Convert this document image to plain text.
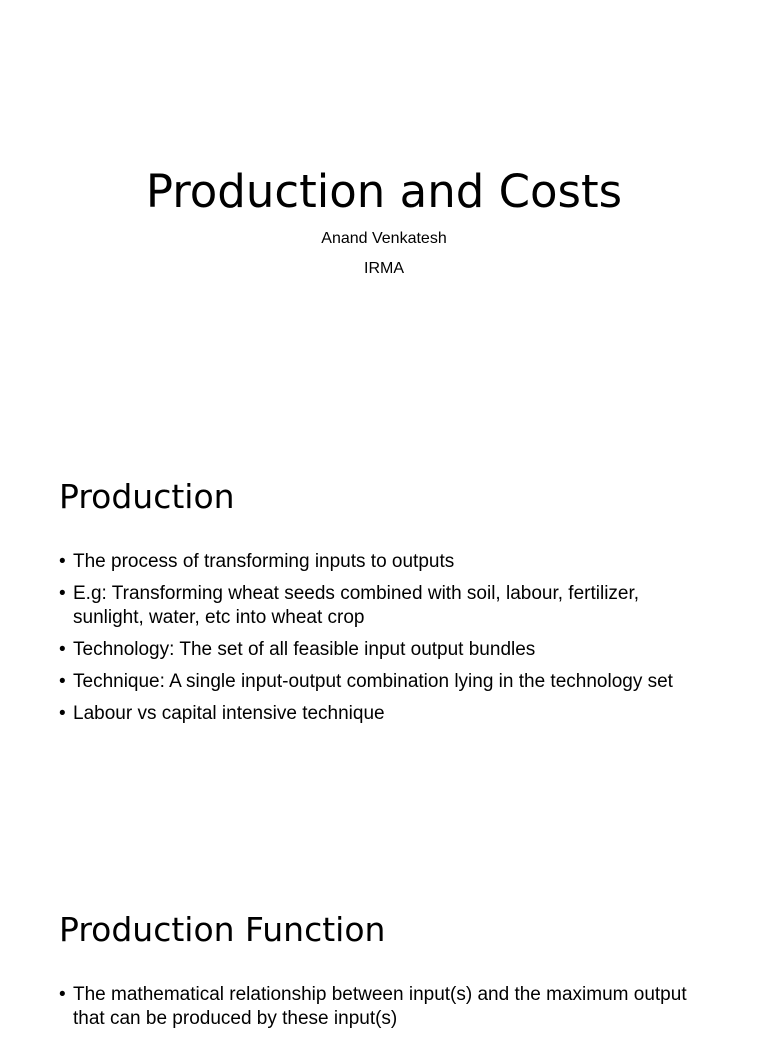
Production and Costs

Anand Venkatesh

IRMA

Production
• The process of transforming inputs to outputs
• E.g: Transforming wheat seeds combined with soil, labour, fertilizer, sunlight, water, etc into wheat crop
• Technology: The set of all feasible input output bundles
• Technique: A single input-output combination lying in the technology set
• Labour vs capital intensive technique
Production Function
• The mathematical relationship between input(s) and the maximum output that can be produced by these input(s)
